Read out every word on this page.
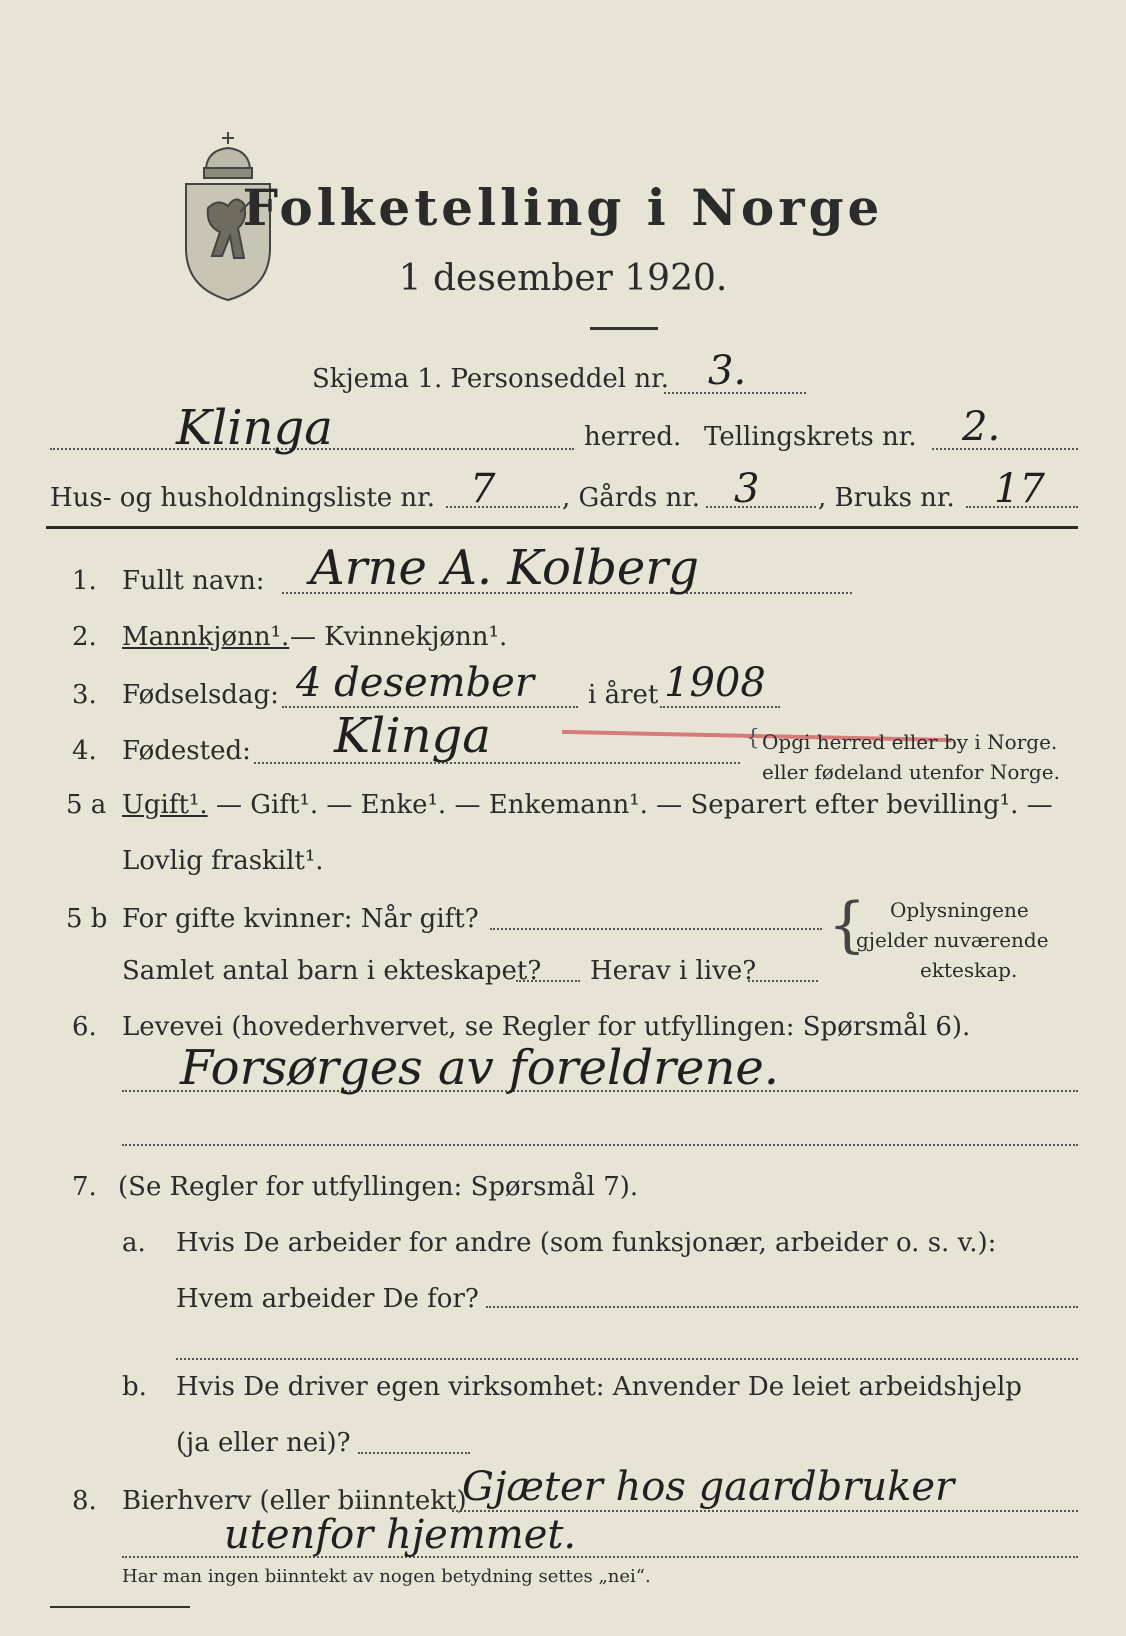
Folketelling i Norge
1 desember 1920.
Skjema 1. Personseddel nr. 3.
Klinga	herred. Tellingskrets nr. 2.
Hus- og husholdningsliste nr. 7	, Gårds nr. 3 , Bruks nr. 17
1. Fullt navn: Arne A. Kolberg
2. Mannkjønn¹. — Kvinnekjønn¹.
3. Fødselsdag: 4 desember i året 1908
4. Fødested: Klinga	{ Opgi herred eller by i Norge.
eller fødeland utenfor Norge.
5 a Ugift¹. — Gift¹. — Enke¹. — Enkemann¹. — Separert efter bevilling¹. —
Lovlig fraskilt¹.
5 b For gifte kvinner: Når gift?
Samlet antal barn i ekteskapet? Herav i live?
{ Oplysningene
gjelder nuværende
ekteskap.
6. Levevei (hovederhvervet, se Regler for utfyllingen: Spørsmål 6).
Forsørges av foreldrene.
7. (Se Regler for utfyllingen: Spørsmål 7).
a. Hvis De arbeider for andre (som funksjonær, arbeider o. s. v.):
Hvem arbeider De for?
b. Hvis De driver egen virksomhet: Anvender De leiet arbeidshjelp
(ja eller nei)?
8. Bierhverv (eller biinntekt)
Gjæter hos gaardbruker
utenfor hjemmet.
Har man ingen biinntekt av nogen betydning settes „nei“.
